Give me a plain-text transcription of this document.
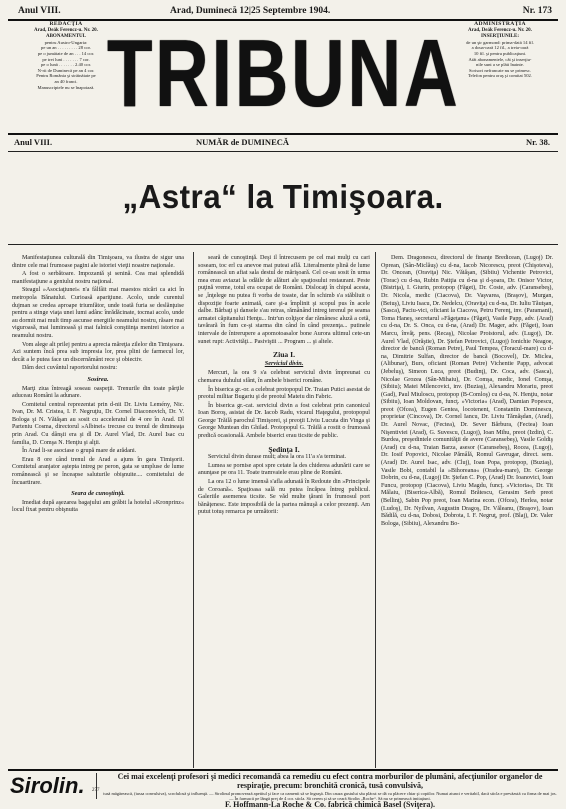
Anul VIII.	Arad, Duminecă 12|25 Septembre 1904.	Nr. 173
REDACŢIA
Arad, Deák Ferencz-u. Nr. 20.
ABONAMENTUL
pentru Austro-Ungaria:
pe un an . . . . . . . . . 28 cor.
pe o jumătate de an . . . 14 cor.
pe trei luni . . . . . . . 7 cor.
pe o lună . . . . . . . 2.40 cor.
N-rii de Duminecă pe an 4 cor.
Pentru România şi străinătate pe
an 40 franci.
Manuscriptele nu se înapoiază. TRIBUNA	ADMINISTRAŢIA
Arad, Deák Ferencz-u. Nr. 20.
INSERŢIUNILE:
de un şir garmond: prima-dată 14 fil.
a doua-oară 12 fil., a treia-oară
10 fil. şi pentru publicaţiuni.
Atât abonamentele, cât şi inserţiu-
nile sunt a se plăti înainte.
Scrisori nefrancate nu se primesc.
Telefon pentru oraş şi comitat 502.
Anul VIII.	NUMĂR de DUMINECĂ	Nr. 38.
„Astra“ la Timişoara.

Manifestaţiunea culturală din Timişoara, va ilustra de sigur una dintre cele mai frumoase pagini ale istoriei vieţii noastre naţionale.

A fost o serbătoare. Impozantă şi senină. Cea mai splendidă manifestaţiune a geniului nostru naţional.

Steagul »Asociaţiunei« n'a fâlfâit mai maestos nicări ca aici în metropola Bănatului. Curioasă apariţiune. Acolo, unde curentul dujman se credea aproape triumfător, unde toată furia se deslănţuise pentru a stinge viaţa unei lumi adânc înrădăcinate, tocmai acolo, unde au dormit mai mult timp ascunse energiile neamului nostru, răsare mai viguroasă, mai luminoasă şi mai falnică conştiinţa menirei istorice a neamului nostru.

Vom alege alt prilej pentru a aprecia măreţia zilelor din Timişoara. Azi suntem încă prea sub impresia lor, prea plini de farmecul lor, decât a le putea face un discernământ rece şi obiectiv.

Dăm deci cuvântul raportorului nostru:

Sosirea.

Marţi ziua întreagă soseau oaspeţii. Trenurile din toate părţile aduceau Români la adunare.

Comitetul central reprezentat prin d-nii Dr. Liviu Lemény, Nic. Ivan, Dr. M. Cristea, I. F. Negruţiu, Dr. Cornel Diaconovich, Dr. V. Bologa şi N. Vătăşan au sosit cu acceleratul de 4 ore în Arad. Dl Parteniu Cosma, directorul »Albinei« trecuse cu trenul de dimineaţa prin Arad. Cu dânşii era şi dl Dr. Aurel Vlad, Dr. Aurel Isac cu familia, D. Comşa N. Henţiu şi alţii.

În Arad li-se asociase o grupă mare de arădani.

Erau 8 ore când trenul de Arad a ajuns în gara Timişorii. Comitetul aranjator aştepta intreg pe peron, gata se umpluse de lume românească şi se înceapse saluturile obişnuite.... comitetului de încuartirare.

Seara de cunoştinţă.

Imediat după aşezarea bagajului am grăbit la hotelul »Kronprinz« locul fixat pentru obişnuita

seară de cunoştinţă. Deşi il întrecusem pe cel mai mulţi cu cari soseam, toc erl cu anevoe mai puteai află. Literalmente plină de lume românească un afiat sala destul de mărişoară. Cel ce-au sosit în urma mea erau aviazat la odăile de alături ale spaţiosului restaurant. Peste puţină vreme, totul era ocupat de Români. Dislocaţi în chipul acesta, se ‚înţelege nu putea fi vorba de toaste, dar în schimb s'a stăbliuit o dispoziţie foarte animată, care şi-a împlinit şi scopul pus în acele dalbe. Bărbaţi şi dansele s'au retras, rămânând intreg terenul pe seama armatei căpitanului Henţu... Intr'un colţişor dar rămânesc aluză a cetă, tavărară în fum ce-şi starma din când în când prezenţa... putinele intervale de întrerupere a apomotoasalor bone Aurora ultimul cete-un sunet rupt: Activităţi... Pasiviştii ... Program ... şi altele.

Ziua I.

Serviciul divin.

Mercuri, la ora 9 s'a celebrat serviciul divin împreunat cu chemarea duhului sfânt, în ambele biserici române.

În biserica gr.-or. a celebrat protopopul Dr. Traian Putici asestat de preotul militar Bugariu şi de preotul Mateiu din Fabric.

În biserica gr.-cat. serviciul divin a fost celebrat prin canonicul Ioan Boroş, asistat de Dr. Iacob Radu, vicarul Haţegului, protopopul George Trăilă parochul Timişorei, şi preoţii Liviu Lucuta din Vinga şi George Muntean din Ghilad. Protopopul G. Trăilă a rostit o frumoasă predică ocasională. Ambele biserici erau ticsite de public.

Şedinţa I.

Serviciul divin durase mult; abea la ora 11'a s'a terminat.

Lumea se pornise apoi spre cetate la des chiderea adunării care se anunţase pe ora 11. Toate tramvaiele erau pline de Români.

La ora 12 o lume imensă s'afla adunată în Redoute din »Principele de Coroană«. Spaţioasa sală nu putea încăpea întreg publicul. Galeriile asemenea ticsite. Se văd multe ţărani în frumosul port bănăţenesc. Este imposibilă de la partea mănuşă a celor prezenţi. Am putut totuş remarca pe următorii:

Dem. Dragonescu, directorul de finanţe Bredicean, (Lugoj) Dr. Oprean, (Sân-Miclăuş) cu d-na, Iacob Nicorescu, preot (Chişoteva), Dr. Oncean, (Oraviţa) Nic. Vătăşan, (Sibiiu) Vichentie Petrovici, (Torac) cu d-na, Rubin Patiţia cu d-na şi d-şoara, Dr. Onisor Victor, (Bistriţa), I. Giurin, protopop (Făget), Dr. Coste, adv. (Caransebeş), Dr. Nicola, medic (Ciacova), Dr. Vaşvarea, (Braşov), Murgan, (Beiuş), Liviu Isacu, Dr. Nedelcu, (Oraviţa) cu d-na, Dr. Iuliu Tăutşan, (Sasca), Paciu-vici, oficiant la Ciacova, Petru Ferenţ, inv. (Paramani), Toma Haneş, secretarul »Făgeţanu« (Făget), Vasile Papp, adv. (Arad) cu d-na, Dr. S. Onca, cu d-na, (Arad) Dr. Mager, adv. (Făget), Ioan Marcu, învăţ. pens. (Recaş), Nicolae Proistorul, adv. (Lugoj), Dr. Aurel Vlad, (Orăştie), Dr. Ştefan Petrovici, (Lugoj) Ionichie Neagoe, director de bancă (Roman Petre), Paul Tempea, (Toracul-mare) cu d-na, Dimitrie Sulfan, director de bancă (Bocovel), Dr. Miclea, (Alibunar), Burs, oficiant (Roman Petre) Vichentie Papp, advocat (Jebeluş), Simeon Luca, preot (Budinţ), Dr. Coca, adv. (Sasca), Nicolae Grozea (Sân-Mihaiu), Dr. Comşa, medic, Ionel Comşa, (Sibiiu); Matei Milencovici, inv. (Buziaş), Alexandru Morariu, preot (Gad), Paul Miuloscu, protopop (B-Comloş) cu d-na, N. Henţiu, notar (Sibiiu), Ioan Moldovan, funcţ. »Victoria« (Arad), Damian Popescu, preot (Ofcea), Eugen Gentea, locotenent, Constantin Dominescu, proprietar (Cincova), Dr. Cornel Iancu, Dr. Liviu Tămăşdan, (Arad), Dr. Aurel Novac, (Fectea), Dr. Sever Bărbura, (Fectea) Ioan Nişentiviei (Arad), G. Suvescu, (Lugoj), Ioan Mihu, preot (Izdin), C. Burdea, preşedintele comunităţii de avere (Caransebeş), Vasile Goldiş (Arad) cu d-na, Traian Barza, asesor (Caransebeş), Rocea, (Lugoj), Dr. Iosif Popovici, Nicolae Pămâlă, Romul Gavrugar, direct. sem. (Arad) Dr. Aurel Isac, adv. (Cluj), Ioan Popa, protopop, (Buziaş), Vasile Bobi, contabil la »Bihoreana« (Oradea-mare), Dr. George Dobrin, cu d-na, (Lugoj) Dr. Ştefan C. Pop, (Arad) Dr. Ioanovici, Ioan Funcu, protopop (Ciacova), Liviu Magdu, funcţ. »Victoria«, Dr. Tit Mălaiu, (Biserica-Albă), Romul Brătescu, Gerasim Serb preot (Bellinţ), Sabin Pop preot, Ioan Marina econ. (Ofcea), Herlea, notar (Ludoş), Dr. Nyilvan, Augustin Dragoş, Dr. Văleanu, (Braşov), Ioan Bădilă, cu d-na, Dobosi, Dobrota, I. F. Negruţ, prof. (Blaj), Dr. Valer Bologa, (Sibiiu), Alexandru Bo-

Sirolin.	Cei mai excelenţi profesori şi medici recomandă ca remediu cu efect contra morburilor de plumâni, afecţiunilor organelor de respiraţie, precum: bronchită cronică, tusă convulsivă,
tusă măgărească, (tussa convulsiva), scrofulosă şi influenţă. — Sirolinul promovează apetitul şi face ca oamenii să se îngraşă. Din cauza gustului său plăcut se dă cu plăcere chiar şi copiilor. Numai atunci e veritabil, dacă sticla e prevăzută cu firma de mai jos. — În farmacii pe lângă preţ de 4 cor. sticla. Să cerem şi să se ceară Sirolin „Roche“. Să nu se primească imitaţiuni.
F. Hoffmann-La Roche & Co. fabrică chimică Basel (Sviţera).
277
